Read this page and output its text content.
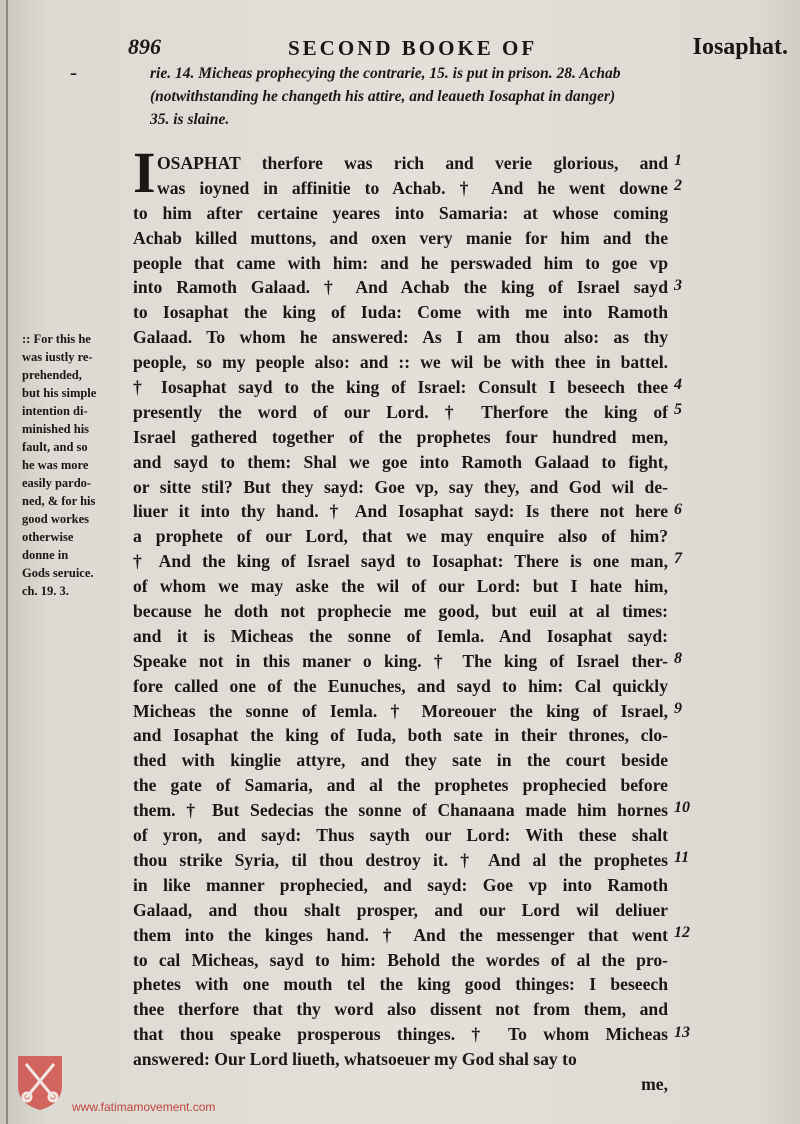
896	SECOND BOOKE OF	Iosaphat.
–	rie. 14. Micheas prophecying the contrarie, 15. is put in prison. 28. Achab
(notwithstanding he changeth his attire, and leaueth Iosaphat in danger)
35. is slaine.
I OSAPHAT therfore was rich and verie glorious, and
was ioyned in affinitie to Achab. † And he went downe
to him after certaine yeares into Samaria: at whose coming
Achab killed muttons, and oxen very manie for him and the
people that came with him: and he perswaded him to goe vp
into Ramoth Galaad. † And Achab the king of Israel sayd
to Iosaphat the king of Iuda: Come with me into Ramoth
Galaad. To whom he answered: As I am thou also: as thy
people, so my people also: and :: we wil be with thee in battel.
† Iosaphat sayd to the king of Israel: Consult I beseech thee
presently the word of our Lord. † Therfore the king of
Israel gathered together of the prophetes four hundred men,
and sayd to them: Shal we goe into Ramoth Galaad to fight,
or sitte stil? But they sayd: Goe vp, say they, and God wil de-
liuer it into thy hand. † And Iosaphat sayd: Is there not here
a prophete of our Lord, that we may enquire also of him?
† And the king of Israel sayd to Iosaphat: There is one man,
of whom we may aske the wil of our Lord: but I hate him,
because he doth not prophecie me good, but euil at al times:
and it is Micheas the sonne of Iemla. And Iosaphat sayd:
Speake not in this maner o king. † The king of Israel ther-
fore called one of the Eunuches, and sayd to him: Cal quickly
Micheas the sonne of Iemla. † Moreouer the king of Israel,
and Iosaphat the king of Iuda, both sate in their thrones, clo-
thed with kinglie attyre, and they sate in the court beside
the gate of Samaria, and al the prophetes prophecied before
them. † But Sedecias the sonne of Chanaana made him hornes
of yron, and sayd: Thus sayth our Lord: With these shalt
thou strike Syria, til thou destroy it. † And al the prophetes
in like manner prophecied, and sayd: Goe vp into Ramoth
Galaad, and thou shalt prosper, and our Lord wil deliuer
them into the kinges hand. † And the messenger that went
to cal Micheas, sayd to him: Behold the wordes of al the pro-
phetes with one mouth tel the king good thinges: I beseech
thee therfore that thy word also dissent not from them, and
that thou speake prosperous thinges. † To whom Micheas
answered: Our Lord liueth, whatsoeuer my God shal say to
me,
1
2
3
4
5
6
7
8
9
10
11
12
13
:: For this he
was iustly re-
prehended,
but his simple
intention di-
minished his
fault, and so
he was more
easily pardo-
ned, & for his
good workes
otherwise
donne in
Gods seruice.
ch. 19. 3.
www.fatimamovement.com
